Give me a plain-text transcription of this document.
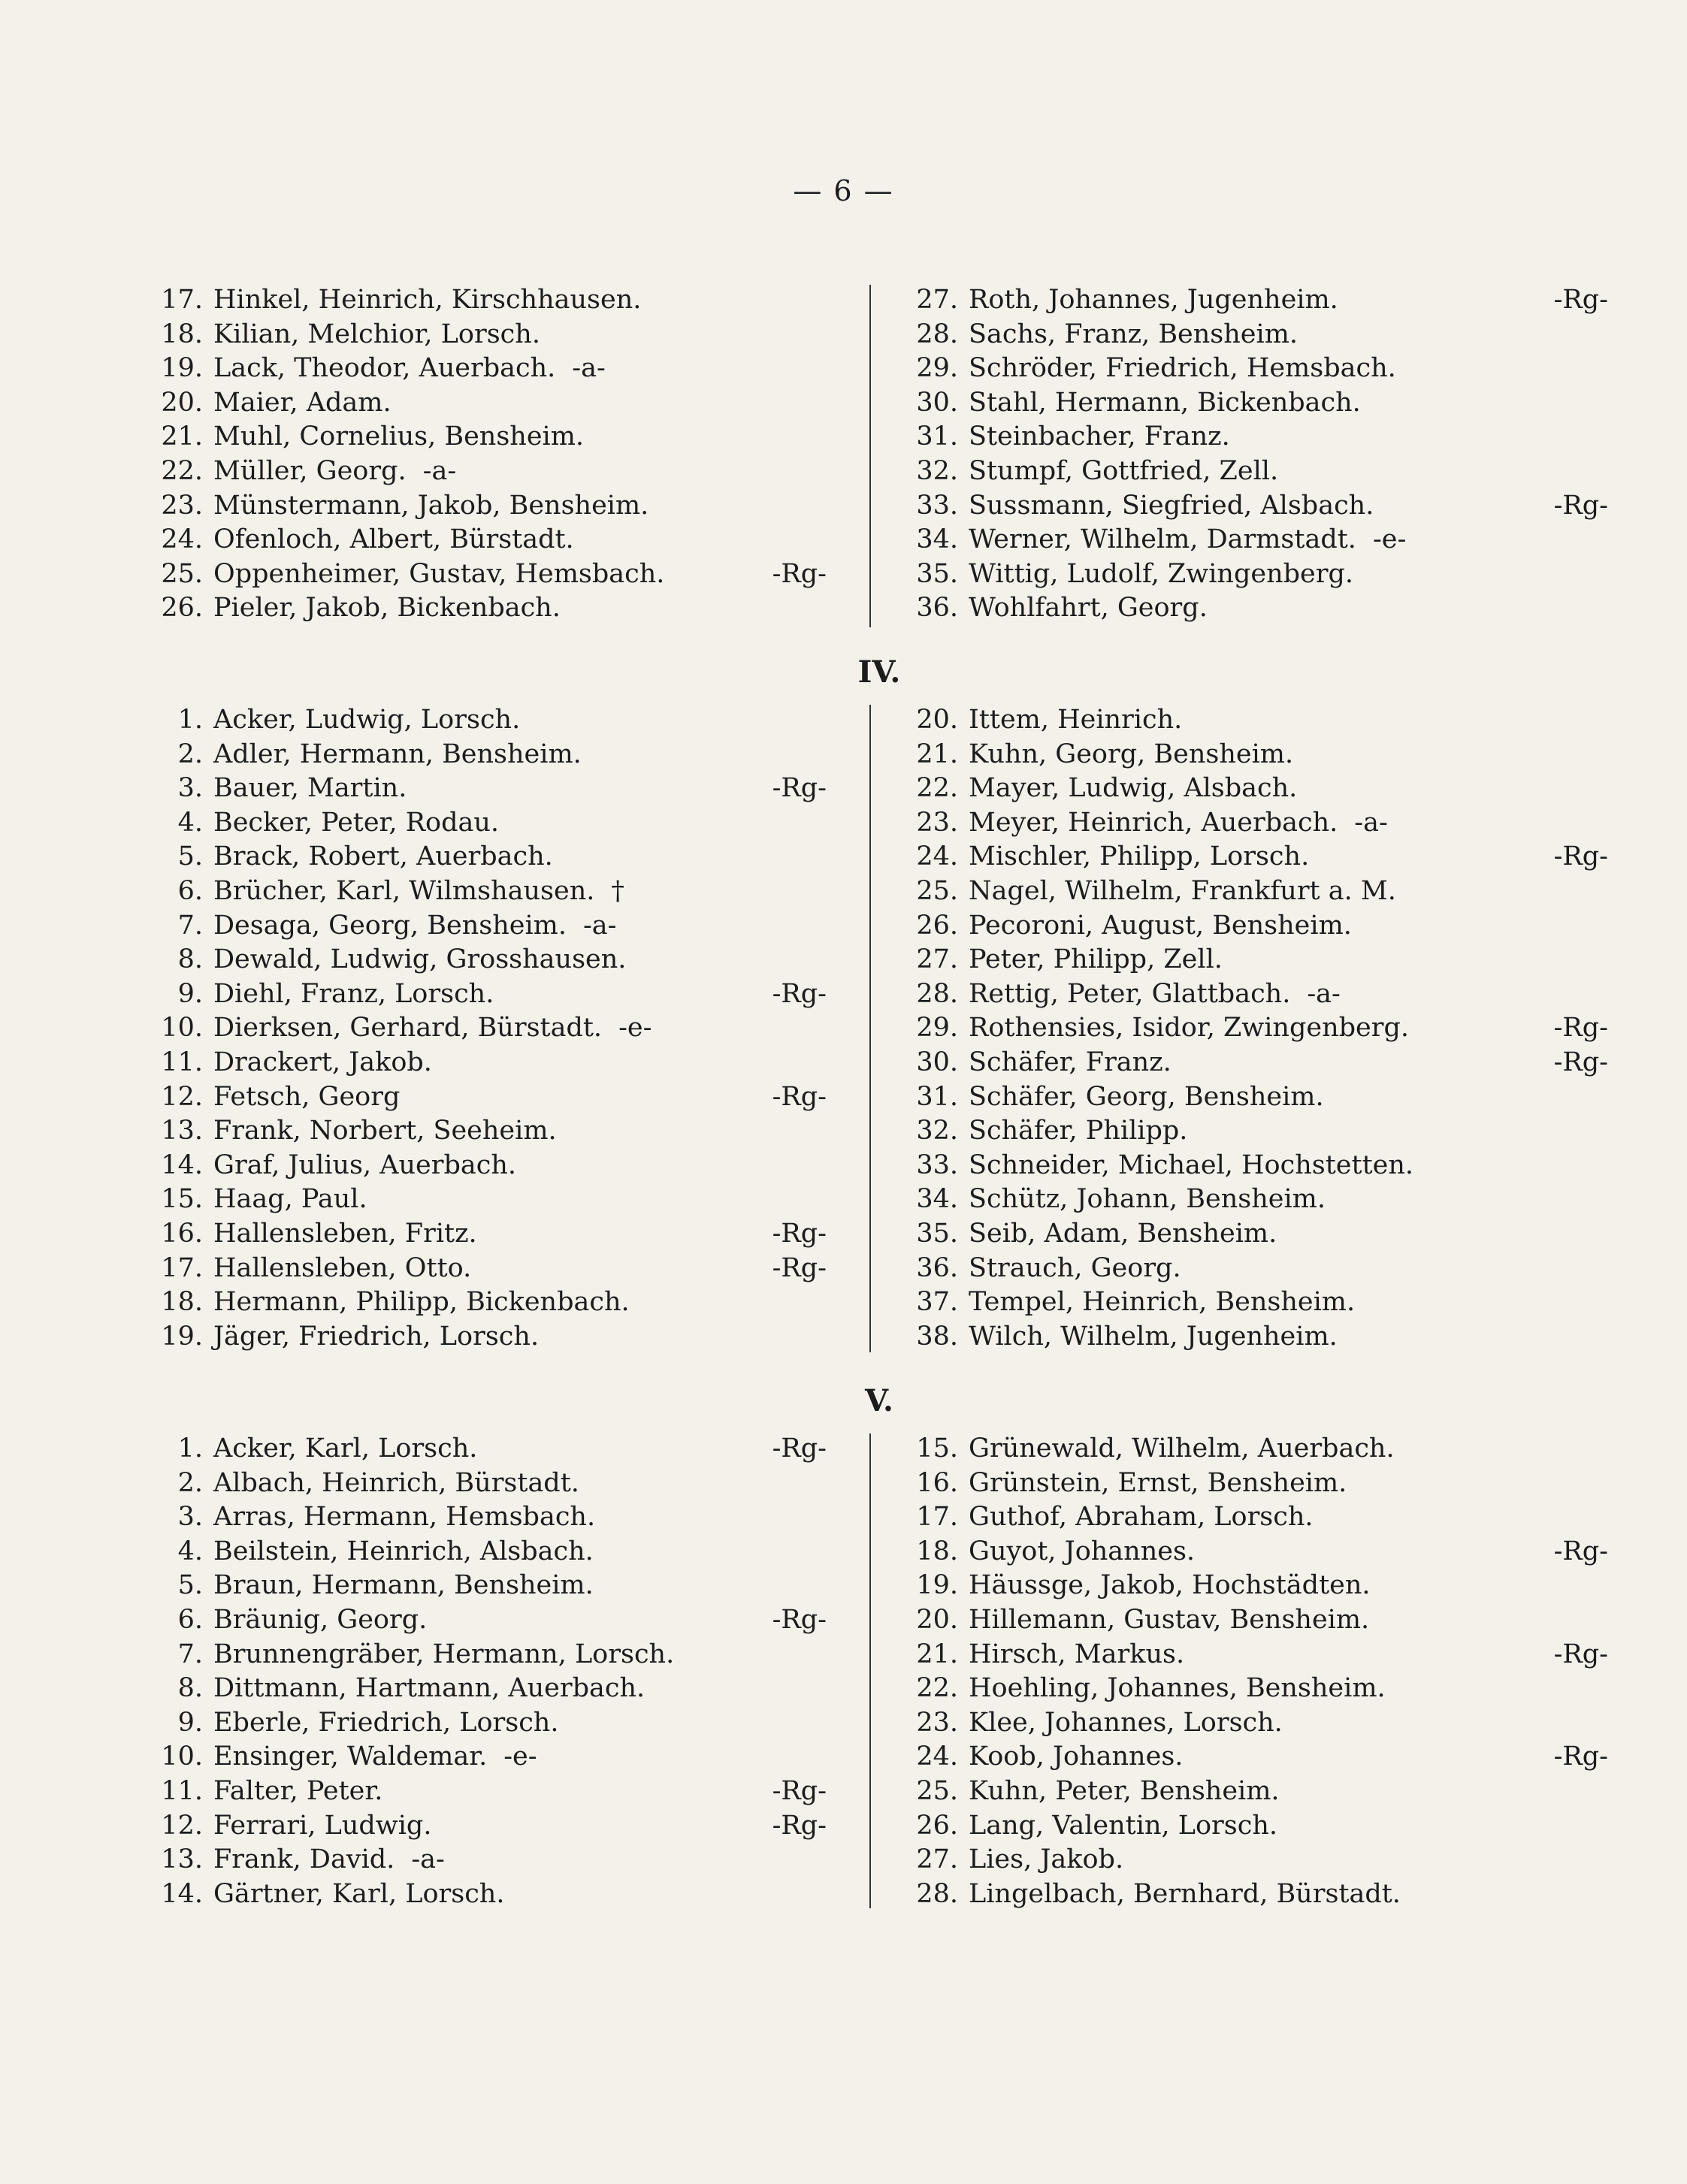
— 6 —
17. Hinkel, Heinrich, Kirschhausen.
18. Kilian, Melchior, Lorsch.
19. Lack, Theodor, Auerbach. -a-
20. Maier, Adam.
21. Muhl, Cornelius, Bensheim.
22. Müller, Georg. -a-
23. Münstermann, Jakob, Bensheim.
24. Ofenloch, Albert, Bürstadt.
25. Oppenheimer, Gustav, Hemsbach.	-Rg-
26. Pieler, Jakob, Bickenbach.
27. Roth, Johannes, Jugenheim.	-Rg-
28. Sachs, Franz, Bensheim.
29. Schröder, Friedrich, Hemsbach.
30. Stahl, Hermann, Bickenbach.
31. Steinbacher, Franz.
32. Stumpf, Gottfried, Zell.
33. Sussmann, Siegfried, Alsbach.	-Rg-
34. Werner, Wilhelm, Darmstadt. -e-
35. Wittig, Ludolf, Zwingenberg.
36. Wohlfahrt, Georg.
IV.
1. Acker, Ludwig, Lorsch.
2. Adler, Hermann, Bensheim.
3. Bauer, Martin.	-Rg-
4. Becker, Peter, Rodau.
5. Brack, Robert, Auerbach.
6. Brücher, Karl, Wilmshausen. †
7. Desaga, Georg, Bensheim. -a-
8. Dewald, Ludwig, Grosshausen.
9. Diehl, Franz, Lorsch.	-Rg-
10. Dierksen, Gerhard, Bürstadt. -e-
11. Drackert, Jakob.
12. Fetsch, Georg	-Rg-
13. Frank, Norbert, Seeheim.
14. Graf, Julius, Auerbach.
15. Haag, Paul.
16. Hallensleben, Fritz.	-Rg-
17. Hallensleben, Otto.	-Rg-
18. Hermann, Philipp, Bickenbach.
19. Jäger, Friedrich, Lorsch.
20. Ittem, Heinrich.
21. Kuhn, Georg, Bensheim.
22. Mayer, Ludwig, Alsbach.
23. Meyer, Heinrich, Auerbach. -a-
24. Mischler, Philipp, Lorsch.	-Rg-
25. Nagel, Wilhelm, Frankfurt a. M.
26. Pecoroni, August, Bensheim.
27. Peter, Philipp, Zell.
28. Rettig, Peter, Glattbach. -a-
29. Rothensies, Isidor, Zwingenberg.	-Rg-
30. Schäfer, Franz.	-Rg-
31. Schäfer, Georg, Bensheim.
32. Schäfer, Philipp.
33. Schneider, Michael, Hochstetten.
34. Schütz, Johann, Bensheim.
35. Seib, Adam, Bensheim.
36. Strauch, Georg.
37. Tempel, Heinrich, Bensheim.
38. Wilch, Wilhelm, Jugenheim.
V.
1. Acker, Karl, Lorsch.	-Rg-
2. Albach, Heinrich, Bürstadt.
3. Arras, Hermann, Hemsbach.
4. Beilstein, Heinrich, Alsbach.
5. Braun, Hermann, Bensheim.
6. Bräunig, Georg.	-Rg-
7. Brunnengräber, Hermann, Lorsch.
8. Dittmann, Hartmann, Auerbach.
9. Eberle, Friedrich, Lorsch.
10. Ensinger, Waldemar. -e-
11. Falter, Peter.	-Rg-
12. Ferrari, Ludwig.	-Rg-
13. Frank, David. -a-
14. Gärtner, Karl, Lorsch.
15. Grünewald, Wilhelm, Auerbach.
16. Grünstein, Ernst, Bensheim.
17. Guthof, Abraham, Lorsch.
18. Guyot, Johannes.	-Rg-
19. Häussge, Jakob, Hochstädten.
20. Hillemann, Gustav, Bensheim.
21. Hirsch, Markus.	-Rg-
22. Hoehling, Johannes, Bensheim.
23. Klee, Johannes, Lorsch.
24. Koob, Johannes.	-Rg-
25. Kuhn, Peter, Bensheim.
26. Lang, Valentin, Lorsch.
27. Lies, Jakob.
28. Lingelbach, Bernhard, Bürstadt.
